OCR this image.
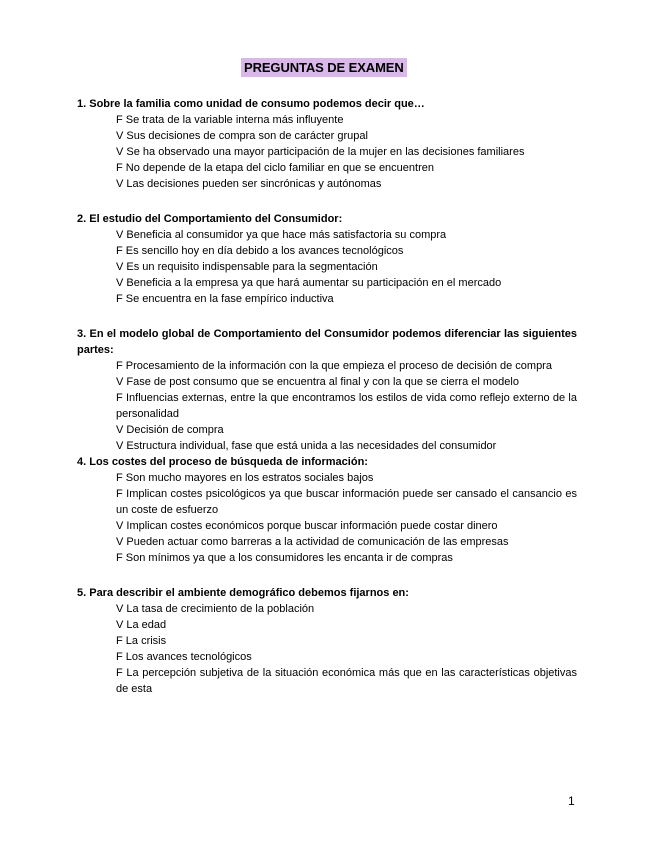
PREGUNTAS DE EXAMEN

1. Sobre la familia como unidad de consumo podemos decir que…

F Se trata de la variable interna más influyente
V Sus decisiones de compra son de carácter grupal
V Se ha observado una mayor participación de la mujer en las decisiones familiares
F No depende de la etapa del ciclo familiar en que se encuentren
V Las decisiones pueden ser sincrónicas y autónomas

2. El estudio del Comportamiento del Consumidor:

V Beneficia al consumidor ya que hace más satisfactoria su compra
F Es sencillo hoy en día debido a los avances tecnológicos
V Es un requisito indispensable para la segmentación
V Beneficia a la empresa ya que hará aumentar su participación en el mercado
F Se encuentra en la fase empírico inductiva

3. En el modelo global de Comportamiento del Consumidor podemos diferenciar las siguientes partes:

F Procesamiento de la información con la que empieza el proceso de decisión de compra
V Fase de post consumo que se encuentra al final y con la que se cierra el modelo
F Influencias externas, entre la que encontramos los estilos de vida como reflejo externo de la personalidad
V Decisión de compra
V Estructura individual, fase que está unida a las necesidades del consumidor

4. Los costes del proceso de búsqueda de información:

F Son mucho mayores en los estratos sociales bajos
F Implican costes psicológicos ya que buscar información puede ser cansado el cansancio es un coste de esfuerzo
V Implican costes económicos porque buscar información puede costar dinero
V Pueden actuar como barreras a la actividad de comunicación de las empresas
F Son mínimos ya que a los consumidores les encanta ir de compras

5. Para describir el ambiente demográfico debemos fijarnos en:

V La tasa de crecimiento de la población
V La edad
F La crisis
F Los avances tecnológicos
F La percepción subjetiva de la situación económica más que en las características objetivas de esta
1
